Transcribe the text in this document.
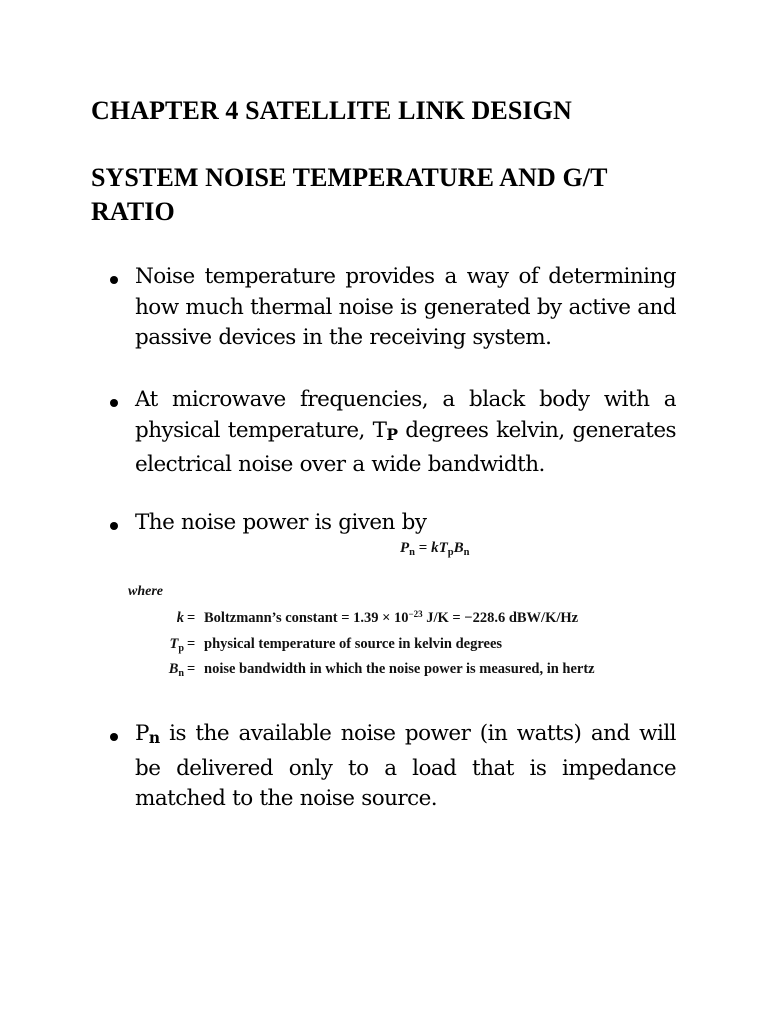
CHAPTER 4 SATELLITE LINK DESIGN
SYSTEM NOISE TEMPERATURE AND G/T RATIO
Noise temperature provides a way of determining how much thermal noise is generated by active and passive devices in the receiving system.
At microwave frequencies, a black body with a physical temperature, TP degrees kelvin, generates electrical noise over a wide bandwidth.
The noise power is given by
$P_n = kT_pB_n$
where
k = Boltzmann’s constant = $1.39 \times 10^{-23}$ J/K = −228.6 dBW/K/Hz
$T_p$ = physical temperature of source in kelvin degrees
$B_n$ = noise bandwidth in which the noise power is measured, in hertz
Pn is the available noise power (in watts) and will be delivered only to a load that is impedance matched to the noise source.
